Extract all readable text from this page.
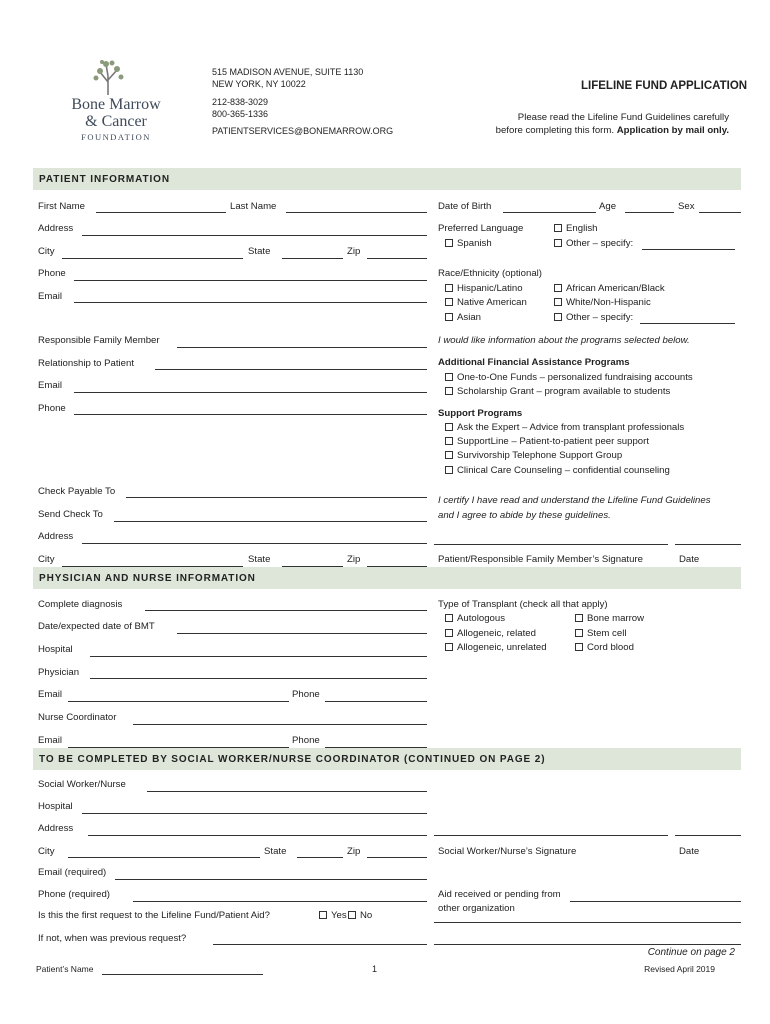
Bone Marrow
& Cancer
FOUNDATION
515 MADISON AVENUE, SUITE 1130
NEW YORK, NY 10022
212-838-3029
800-365-1336
PATIENTSERVICES@BONEMARROW.ORG
LIFELINE FUND APPLICATION
Please read the Lifeline Fund Guidelines carefully
before completing this form. Application by mail only.
PATIENT INFORMATION
First Name	Last Name
Address
City	State	Zip
Phone
Email
Date of Birth	Age	Sex
Preferred Language	English
Spanish	Other – specify:
Race/Ethnicity (optional)
Hispanic/Latino	African American/Black
Native American	White/Non-Hispanic
Asian	Other – specify:
Responsible Family Member
Relationship to Patient
Email
Phone
I would like information about the programs selected below.
Additional Financial Assistance Programs
One-to-One Funds – personalized fundraising accounts
Scholarship Grant – program available to students
Support Programs
Ask the Expert – Advice from transplant professionals
SupportLine – Patient-to-patient peer support
Survivorship Telephone Support Group
Clinical Care Counseling – confidential counseling
Check Payable To
Send Check To
Address
City	State	Zip
I certify I have read and understand the Lifeline Fund Guidelines
and I agree to abide by these guidelines.
Patient/Responsible Family Member’s Signature	Date
PHYSICIAN AND NURSE INFORMATION
Complete diagnosis
Date/expected date of BMT
Hospital
Physician
Email	Phone
Nurse Coordinator
Email	Phone
Type of Transplant (check all that apply)
Autologous	Bone marrow
Allogeneic, related	Stem cell
Allogeneic, unrelated	Cord blood
TO BE COMPLETED BY SOCIAL WORKER/NURSE COORDINATOR (CONTINUED ON PAGE 2)
Social Worker/Nurse
Hospital
Address
City	State	Zip
Email (required)
Phone (required)
Is this the first request to the Lifeline Fund/Patient Aid?	Yes	No
If not, when was previous request?
Social Worker/Nurse’s Signature	Date
Aid received or pending from
other organization
Continue on page 2
Patient’s Name	1	Revised April 2019
